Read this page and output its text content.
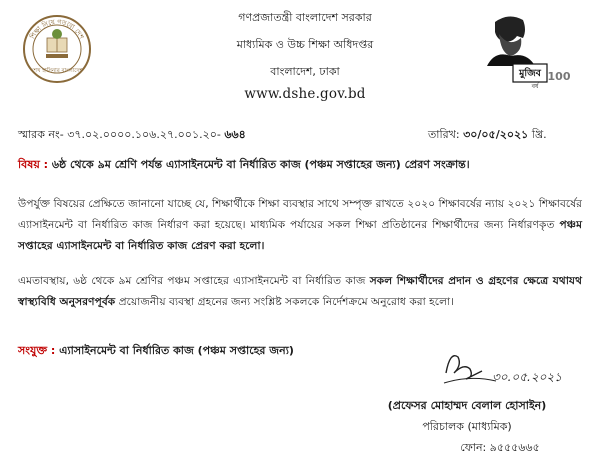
শিক্ষা নিয়ে গড়বো দেশ
শেখ হাসিনার বাংলাদেশ
গণপ্রজাতন্ত্রী বাংলাদেশ সরকার
মাধ্যমিক ও উচ্চ শিক্ষা অধিদপ্তর
বাংলাদেশ, ঢাকা
www.dshe.gov.bd
মুজিব
বর্ষ
100
স্মারক নং- ৩৭.০২.০০০০.১০৬.২৭.০০১.২০- ৬৬৪	তারিখ: ৩০/০৫/২০২১ খ্রি.
বিষয় : ৬ষ্ঠ থেকে ৯ম শ্রেণি পর্যন্ত এ্যাসাইনমেন্ট বা নির্ধারিত কাজ (পঞ্চম সপ্তাহের জন্য) প্রেরণ সংক্রান্ত।
উপর্যুক্ত বিষয়ের প্রেক্ষিতে জানানো যাচ্ছে যে, শিক্ষার্থীকে শিক্ষা ব্যবস্থার সাথে সম্পৃক্ত রাখতে ২০২০ শিক্ষাবর্ষের ন্যায় ২০২১ শিক্ষাবর্ষের এ্যাসাইনমেন্ট বা নির্ধারিত কাজ নির্ধারণ করা হয়েছে। মাধ্যমিক পর্যায়ের সকল শিক্ষা প্রতিষ্ঠানের শিক্ষার্থীদের জন্য নির্ধারণকৃত পঞ্চম সপ্তাহের এ্যাসাইনমেন্ট বা নির্ধারিত কাজ প্রেরণ করা হলো।
এমতাবস্থায়, ৬ষ্ঠ থেকে ৯ম শ্রেণির পঞ্চম সপ্তাহের এ্যাসাইনমেন্ট বা নির্ধারিত কাজ সকল শিক্ষার্থীদের প্রদান ও গ্রহণের ক্ষেত্রে যথাযথ স্বাস্থ্যবিধি অনুসরণপূর্বক প্রয়োজনীয় ব্যবস্থা গ্রহনের জন্য সংশ্লিষ্ট সকলকে নির্দেশক্রমে অনুরোধ করা হলো।
সংযুক্ত : এ্যাসাইনমেন্ট বা নির্ধারিত কাজ (পঞ্চম সপ্তাহের জন্য)
৩০.০৫.২০২১
(প্রফেসর মোহাম্মদ বেলাল হোসাইন)
পরিচালক (মাধ্যমিক)
ফোন: ৯৫৫৫৬৬৫
